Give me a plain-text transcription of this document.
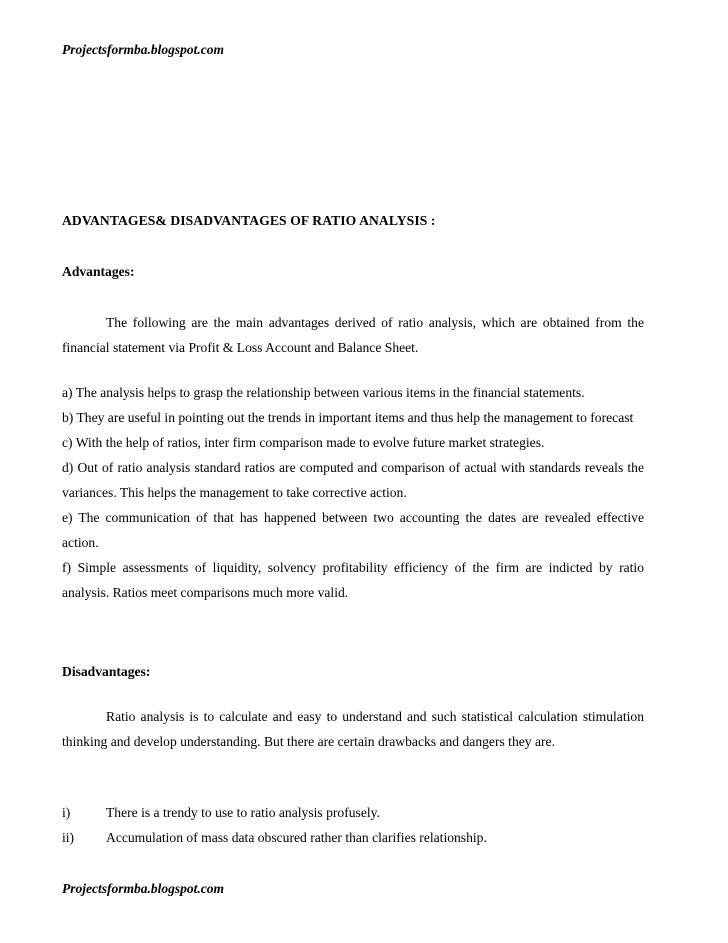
Projectsformba.blogspot.com
ADVANTAGES& DISADVANTAGES OF RATIO ANALYSIS :
Advantages:
The following are the main advantages derived of ratio analysis, which are obtained from the financial statement via Profit & Loss Account and Balance Sheet.
a) The analysis helps to grasp the relationship between various items in the financial statements.
b) They are useful in pointing out the trends in important items and thus help the management to forecast
c) With the help of ratios, inter firm comparison made to evolve future market strategies.
d) Out of ratio analysis standard ratios are computed and comparison of actual with standards reveals the variances. This helps the management to take corrective action.
e) The communication of that has happened between two accounting the dates are revealed effective action.
f) Simple assessments of liquidity, solvency profitability efficiency of the firm are indicted by ratio analysis. Ratios meet comparisons much more valid.
Disadvantages:
Ratio analysis is to calculate and easy to understand and such statistical calculation stimulation thinking and develop understanding. But there are certain drawbacks and dangers they are.
i)	There is a trendy to use to ratio analysis profusely.
ii) Accumulation of mass data obscured rather than clarifies relationship.
Projectsformba.blogspot.com
